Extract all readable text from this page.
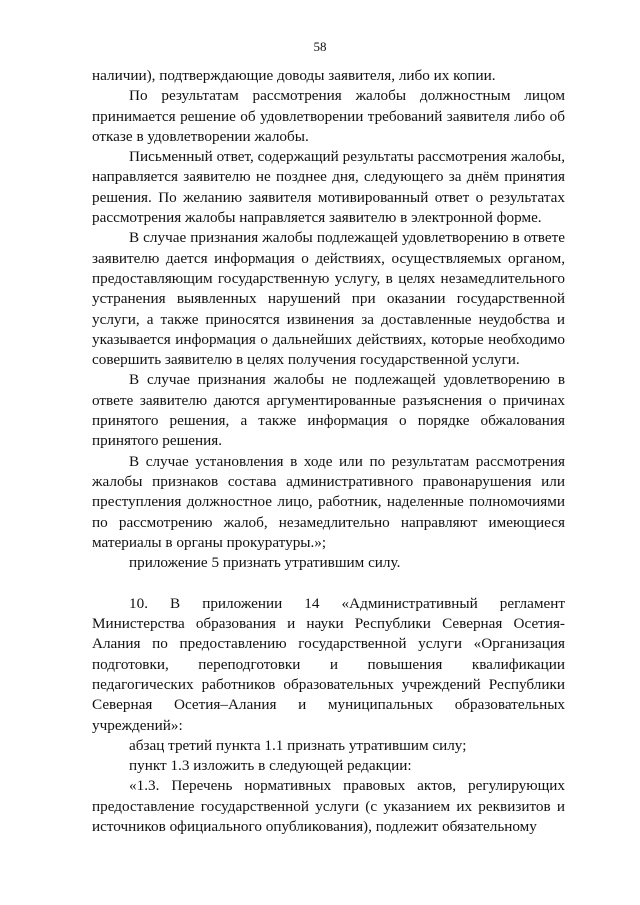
58

наличии), подтверждающие доводы заявителя, либо их копии.

По результатам рассмотрения жалобы должностным лицом принимается решение об удовлетворении требований заявителя либо об отказе в удовлетворении жалобы.

Письменный ответ, содержащий результаты рассмотрения жалобы, направляется заявителю не позднее дня, следующего за днём принятия решения. По желанию заявителя мотивированный ответ о результатах рассмотрения жалобы направляется заявителю в электронной форме.

В случае признания жалобы подлежащей удовлетворению в ответе заявителю дается информация о действиях, осуществляемых органом, предоставляющим государственную услугу, в целях незамедлительного устранения выявленных нарушений при оказании государственной услуги, а также приносятся извинения за доставленные неудобства и указывается информация о дальнейших действиях, которые необходимо совершить заявителю в целях получения государственной услуги.

В случае признания жалобы не подлежащей удовлетворению в ответе заявителю даются аргументированные разъяснения о причинах принятого решения, а также информация о порядке обжалования принятого решения.

В случае установления в ходе или по результатам рассмотрения жалобы признаков состава административного правонарушения или преступления должностное лицо, работник, наделенные полномочиями по рассмотрению жалоб, незамедлительно направляют имеющиеся материалы в органы прокуратуры.»;

приложение 5 признать утратившим силу.

10. В приложении 14 «Административный регламент Министерства образования и науки Республики Северная Осетия-Алания по предоставлению государственной услуги «Организация подготовки, переподготовки и повышения квалификации педагогических работников образовательных учреждений Республики Северная Осетия–Алания и муниципальных образовательных учреждений»:

абзац третий пункта 1.1 признать утратившим силу;

пункт 1.3 изложить в следующей редакции:

«1.3. Перечень нормативных правовых актов, регулирующих предоставление государственной услуги (с указанием их реквизитов и источников официального опубликования), подлежит обязательному
